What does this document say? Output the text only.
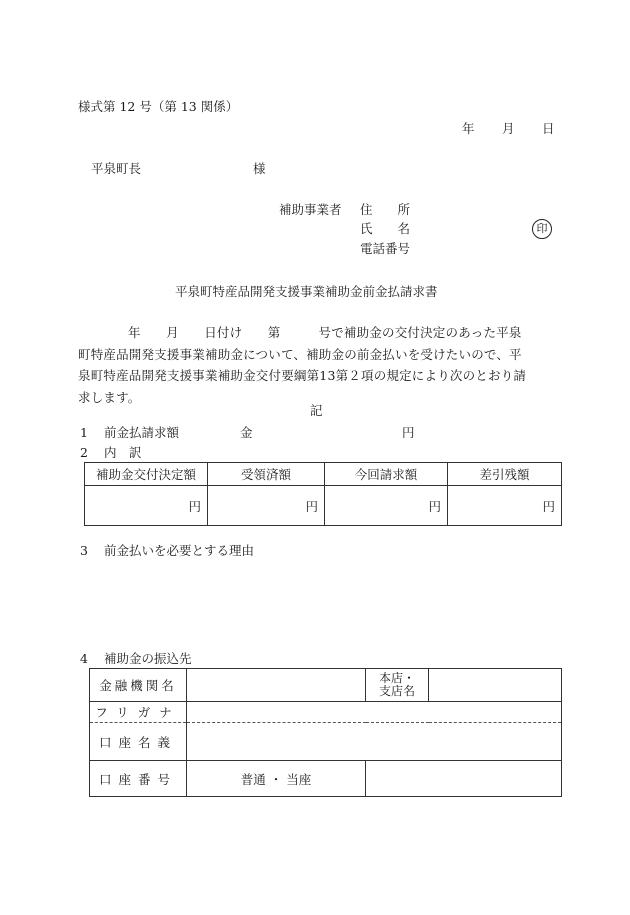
様式第 12 号（第 13 関係）
年 月 日
平泉町長	様
補助事業者 住　　所
氏　　名	印
電話番号
平泉町特産品開発支援事業補助金前金払請求書
年　　月　　日付け　　第　　　号で補助金の交付決定のあった平泉
町特産品開発支援事業補助金について、補助金の前金払いを受けたいので、平
泉町特産品開発支援事業補助金交付要綱第13第２項の規定により次のとおり請
求します。
記
1 前金払請求額	金	円
2 内　訳
補助金交付決定額	受領済額	今回請求額	差引残額
円	円	円	円
3 前金払いを必要とする理由
4 補助金の振込先
金融機関名		本店・
支店名	

フリガナ			
口座名義			
口座番号	普通 ・ 当座		
